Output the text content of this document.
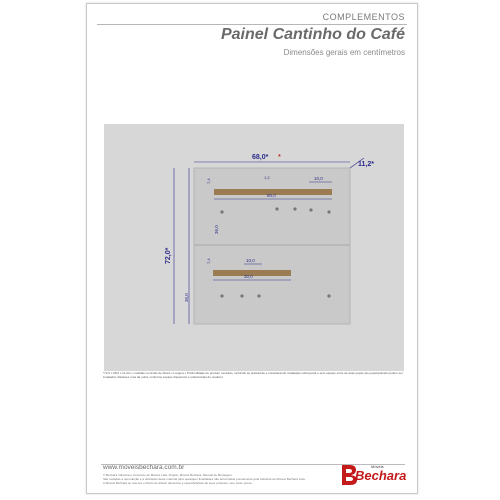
COMPLEMENTOS
Painel Cantinho do Café
Dimensões gerais em centímetros
68,0*
11,2*
72,0*
36,0
36,0
7,4
7,4
60,0
10,0
1,2
30,0
10,0
*
*72,0 x 68,0 x 11,2cm: medidas nominais de Altura x Largura x Profundidade do produto montado, incluindo as prateleiras e considerando instalação sobreposta e sem espaço entre as duas peças (as peças/painéis podem ser instalados distantes uma da outra, conforme espaço disponível e preferências do usuário).
www.moveisbechara.com.br
© Bechara Indústria e Comércio de Móveis Ltda. Projeto: Móveis Bechara. Manual de Montagem.
São vedadas a reprodução e a utilização deste material para quaisquer finalidades não autorizadas previamente pela Indústria de Móveis Bechara Ltda.
A Móveis Bechara se reserva o direito de alterar desenhos e especificações de seus produtos, sem aviso prévio.
Móveis
Bechara
